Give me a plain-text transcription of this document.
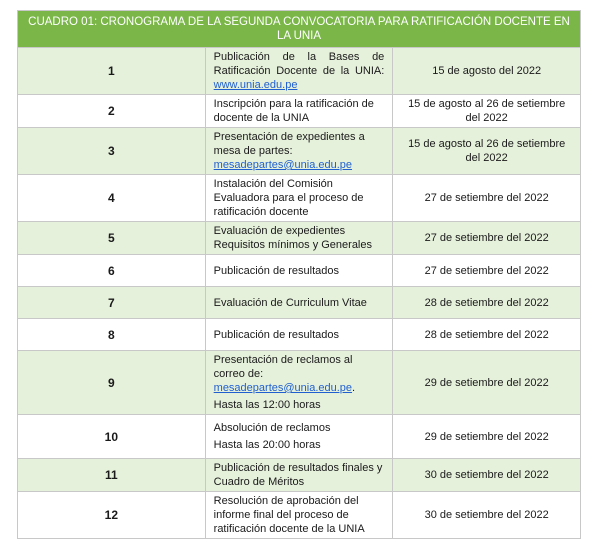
CUADRO 01: CRONOGRAMA DE LA SEGUNDA CONVOCATORIA PARA RATIFICACIÓN DOCENTE EN LA UNIA		
1	Publicación de la Bases de Ratificación Docente de la UNIA:
www.unia.edu.pe	15 de agosto del 2022
2	Inscripción para la ratificación de docente de la UNIA	15 de agosto al 26 de setiembre del 2022
3	Presentación de expedientes a mesa de partes: mesadepartes@unia.edu.pe	15 de agosto al 26 de setiembre del 2022
4	Instalación del Comisión Evaluadora para el proceso de ratificación docente	27 de setiembre del 2022
5	Evaluación de expedientes Requisitos mínimos y Generales	27 de setiembre del 2022
6	Publicación de resultados	27 de setiembre del 2022
7	Evaluación de Curriculum Vitae	28 de setiembre del 2022
8	Publicación de resultados	28 de setiembre del 2022
9	Presentación de reclamos al correo de: mesadepartes@unia.edu.pe.
Hasta las 12:00 horas	29 de setiembre del 2022
10	Absolución de reclamos
Hasta las 20:00 horas	29 de setiembre del 2022
11	Publicación de resultados finales y Cuadro de Méritos	30 de setiembre del 2022
12	Resolución de aprobación del informe final del proceso de ratificación docente de la UNIA	30 de setiembre del 2022
